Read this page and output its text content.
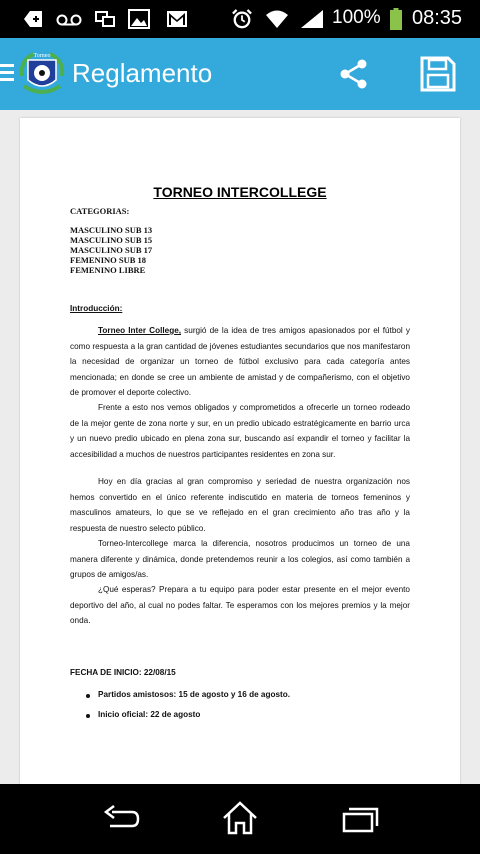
100% 08:35
Torneo
Reglamento
TORNEO INTERCOLLEGE
CATEGORIAS:
MASCULINO SUB 13
MASCULINO SUB 15
MASCULINO SUB 17
FEMENINO SUB 18
FEMENINO LIBRE
Introducción:
Torneo Inter College, surgió de la idea de tres amigos apasionados por el fútbol y como respuesta a la gran cantidad de jóvenes estudiantes secundarios que nos manifestaron la necesidad de organizar un torneo de fútbol exclusivo para cada categoría antes mencionada; en donde se cree un ambiente de amistad y de compañerismo, con el objetivo de promover el deporte colectivo.
Frente a esto nos vemos obligados y comprometidos a ofrecerle un torneo rodeado de la mejor gente de zona norte y sur, en un predio ubicado estratégicamente en barrio urca y un nuevo predio ubicado en plena zona sur, buscando así expandir el torneo y facilitar la accesibilidad a muchos de nuestros participantes residentes en zona sur.
Hoy en día gracias al gran compromiso y seriedad de nuestra organización nos hemos convertido en el único referente indiscutido en materia de torneos femeninos y masculinos amateurs, lo que se ve reflejado en el gran crecimiento año tras año y la respuesta de nuestro selecto público.
Torneo-Intercollege marca la diferencia, nosotros producimos un torneo de una manera diferente y dinámica, donde pretendemos reunir a los colegios, así como también a grupos de amigos/as.
¿Qué esperas? Prepara a tu equipo para poder estar presente en el mejor evento deportivo del año, al cual no podes faltar. Te esperamos con los mejores premios y la mejor onda.
FECHA DE INICIO: 22/08/15
Partidos amistosos: 15 de agosto y 16 de agosto.
Inicio oficial: 22 de agosto
